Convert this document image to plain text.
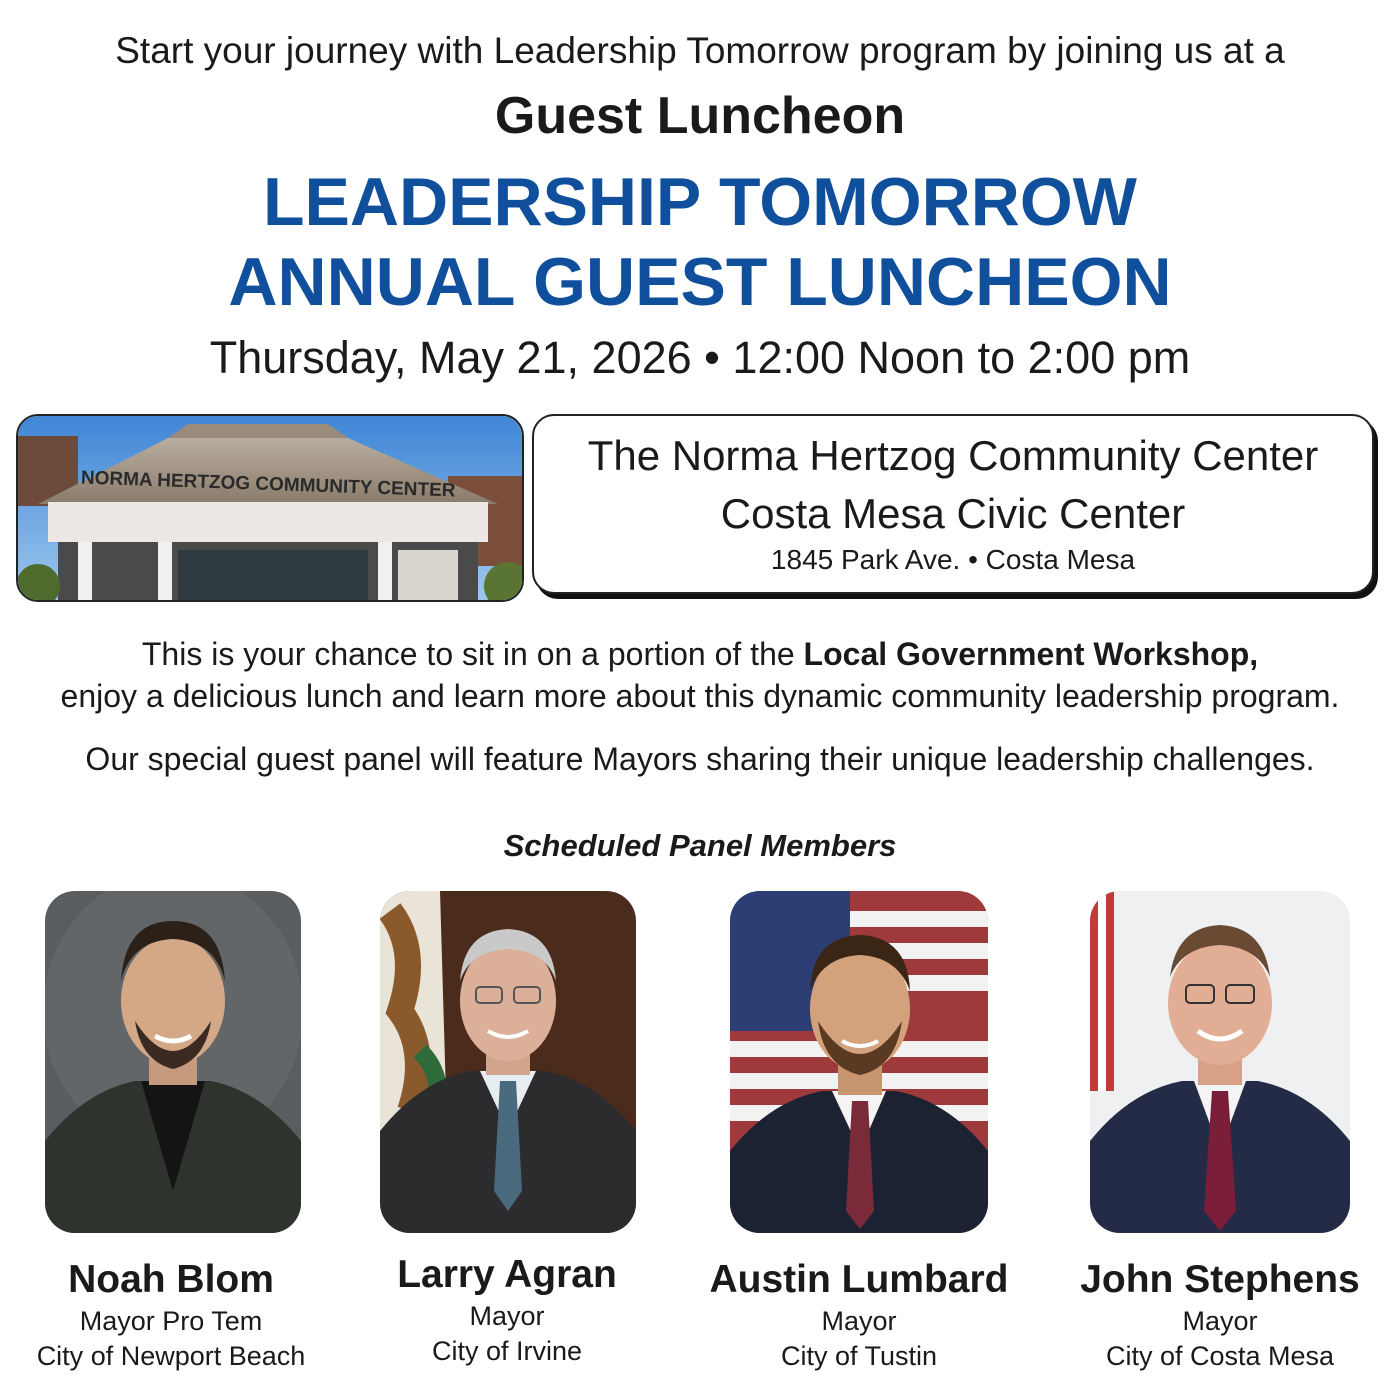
Start your journey with Leadership Tomorrow program by joining us at a
Guest Luncheon
LEADERSHIP TOMORROW
ANNUAL GUEST LUNCHEON
Thursday, May 21, 2026 • 12:00 Noon to 2:00 pm
NORMA HERTZOG COMMUNITY CENTER
The Norma Hertzog Community Center
Costa Mesa Civic Center
1845 Park Ave. • Costa Mesa
This is your chance to sit in on a portion of the Local Government Workshop,
enjoy a delicious lunch and learn more about this dynamic community leadership program.
Our special guest panel will feature Mayors sharing their unique leadership challenges.
Scheduled Panel Members
Noah Blom
Mayor Pro Tem
City of Newport Beach
Larry Agran
Mayor
City of Irvine
Austin Lumbard
Mayor
City of Tustin
John Stephens
Mayor
City of Costa Mesa
